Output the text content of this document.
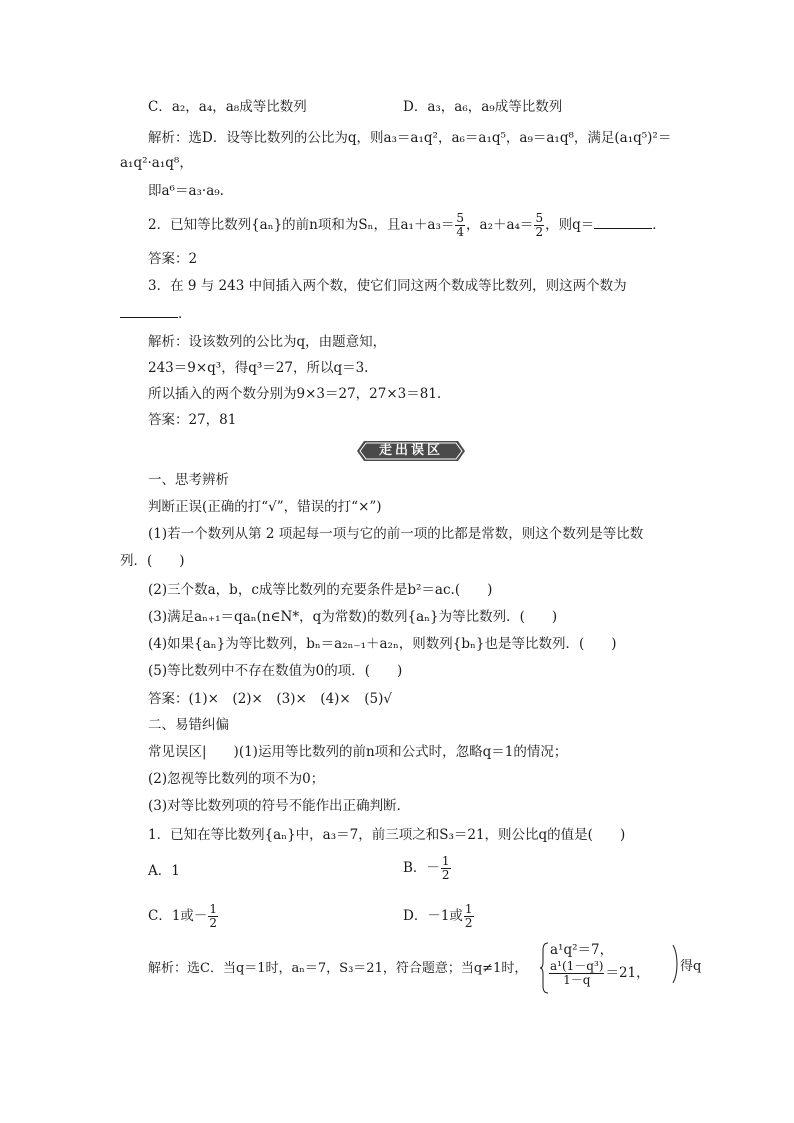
C．a₂，a₄，a₈成等比数列	D．a₃，a₆，a₉成等比数列
解析：选D．设等比数列的公比为q，则a₃＝a₁q²，a₆＝a₁q⁵，a₉＝a₁q⁸，满足(a₁q⁵)²＝
a₁q²·a₁q⁸，
即a⁶＝a₃·a₉.
2．已知等比数列{aₙ}的前n项和为Sₙ，且$a_1+a_3= \frac{5}{4}$ ，$a_2+a_4= \frac{5}{2}$ ，则q＝	．
答案：2
3．在 9 与 243 中间插入两个数，使它们同这两个数成等比数列，则这两个数为
．
解析：设该数列的公比为q，由题意知，
243＝9×q³，得q³＝27，所以q＝3.
所以插入的两个数分别为9×3＝27，27×3＝81.
答案：27，81
走出误区
一、思考辨析
判断正误(正确的打“√”，错误的打“×”)
(1)若一个数列从第 2 项起每一项与它的前一项的比都是常数，则这个数列是等比数
列．(　　)
(2)三个数a，b，c成等比数列的充要条件是b²＝ac.(　　)
(3)满足aₙ₊₁＝qaₙ(n∈N*，q为常数)的数列{aₙ}为等比数列．(　　)
(4)如果{aₙ}为等比数列，bₙ＝a₂ₙ₋₁＋a₂ₙ，则数列{bₙ}也是等比数列．(　　)
(5)等比数列中不存在数值为0的项．(　　)
答案：(1)×　(2)×　(3)×　(4)×　(5)√
二、易错纠偏
常见误区|　　)(1)运用等比数列的前n项和公式时，忽略q＝1的情况；
(2)忽视等比数列的项不为0；
(3)对等比数列项的符号不能作出正确判断．
1．已知在等比数列{aₙ}中，a₃＝7，前三项之和S₃＝21，则公比q的值是(　　)
A．1	B．－ $\frac{1}{2}$
C．1或－ $\frac{1}{2}$	D．－1或 $\frac{1}{2}$
解析：选C．当q＝1时，aₙ＝7，S₃＝21，符合题意；当q≠1时，
a¹q²＝7，
$\frac{\text{a¹(1－q³)}}{1-q} =21$， 得q
